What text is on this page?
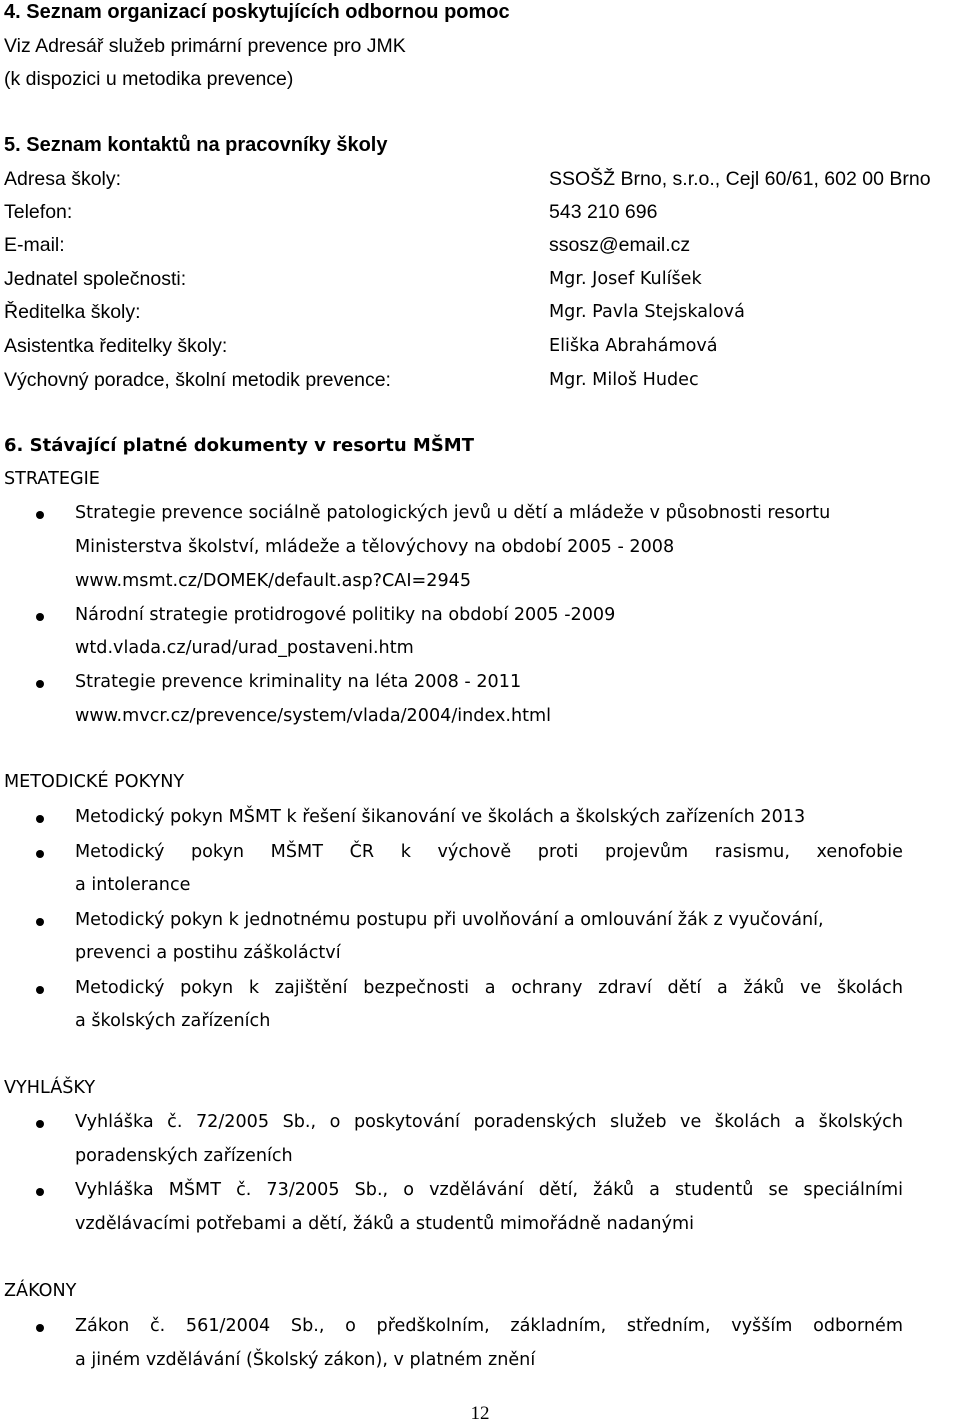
4. Seznam organizací poskytujících odbornou pomoc
Viz Adresář služeb primární prevence pro JMK
(k dispozici u metodika prevence)
5. Seznam kontaktů na pracovníky školy
Adresa školy:	SSOŠŽ Brno, s.r.o., Cejl 60/61, 602 00 Brno
Telefon:	543 210 696
E-mail:	ssosz@email.cz
Jednatel společnosti:	Mgr. Josef Kulíšek
Ředitelka školy:	Mgr. Pavla Stejskalová
Asistentka ředitelky školy:	Eliška Abrahámová
Výchovný poradce, školní metodik prevence:	Mgr. Miloš Hudec
6. Stávající platné dokumenty v resortu MŠMT
STRATEGIE
Strategie prevence sociálně patologických jevů u dětí a mládeže v působnosti resortu
Ministerstva školství, mládeže a tělovýchovy na období 2005 - 2008
www.msmt.cz/DOMEK/default.asp?CAI=2945
Národní strategie protidrogové politiky na období 2005 -2009
wtd.vlada.cz/urad/urad_postaveni.htm
Strategie prevence kriminality na léta 2008 - 2011
www.mvcr.cz/prevence/system/vlada/2004/index.html
METODICKÉ POKYNY
Metodický pokyn MŠMT k řešení šikanování ve školách a školských zařízeních 2013
Metodický pokyn MŠMT ČR k výchově proti projevům rasismu, xenofobie
a intolerance
Metodický pokyn k jednotnému postupu při uvolňování a omlouvání žák z vyučování,
prevenci a postihu záškoláctví
Metodický pokyn k zajištění bezpečnosti a ochrany zdraví dětí a žáků ve školách
a školských zařízeních
VYHLÁŠKY
Vyhláška č. 72/2005 Sb., o poskytování poradenských služeb ve školách a školských
poradenských zařízeních
Vyhláška MŠMT č. 73/2005 Sb., o vzdělávání dětí, žáků a studentů se speciálními
vzdělávacími potřebami a dětí, žáků a studentů mimořádně nadanými
ZÁKONY
Zákon č. 561/2004 Sb., o předškolním, základním, středním, vyšším odborném
a jiném vzdělávání (Školský zákon), v platném znění
12
